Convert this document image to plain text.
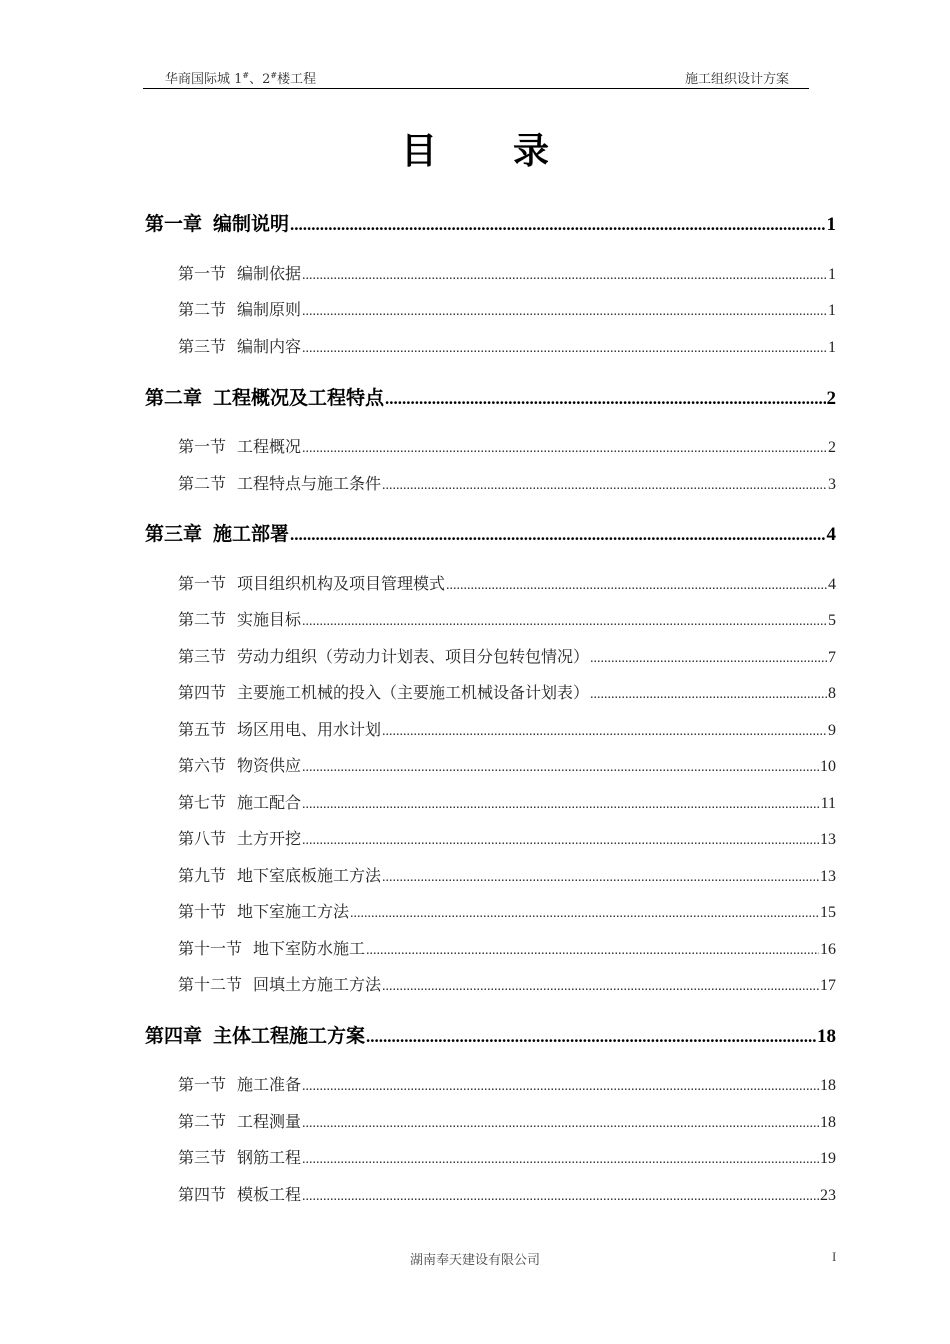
华商国际城 1#、2#楼工程	施工组织设计方案
目录
第一章 编制说明 .....	1
第一节 编制依据 .....	1
第二节 编制原则 .....	1
第三节 编制内容 .....	1
第二章 工程概况及工程特点 .....	2
第一节 工程概况 .....	2
第二节 工程特点与施工条件 .....	3
第三章 施工部署 .....	4
第一节 项目组织机构及项目管理模式 .....	4
第二节 实施目标 .....	5
第三节 劳动力组织（劳动力计划表、项目分包转包情况） .....	7
第四节 主要施工机械的投入（主要施工机械设备计划表） .....	8
第五节 场区用电、用水计划 .....	9
第六节 物资供应 .....	10
第七节 施工配合 .....	11
第八节 土方开挖 .....	13
第九节 地下室底板施工方法 .....	13
第十节 地下室施工方法 .....	15
第十一节 地下室防水施工 .....	16
第十二节 回填土方施工方法 .....	17
第四章 主体工程施工方案 .....	18
第一节 施工准备 .....	18
第二节 工程测量 .....	18
第三节 钢筋工程 .....	19
第四节 模板工程 .....	23
湖南奉天建设有限公司	I
